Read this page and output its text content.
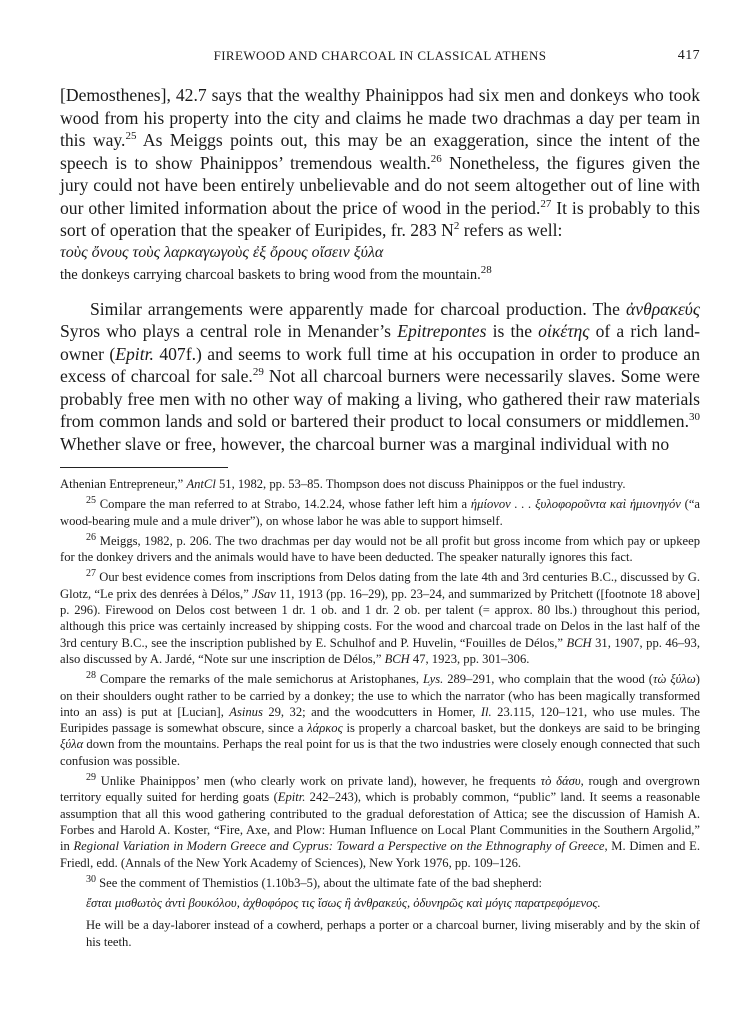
FIREWOOD AND CHARCOAL IN CLASSICAL ATHENS	417

[Demosthenes], 42.7 says that the wealthy Phainippos had six men and donkeys who took wood from his property into the city and claims he made two drachmas a day per team in this way.$^{25}$ As Meiggs points out, this may be an exaggeration, since the intent of the speech is to show Phainippos’ tremendous wealth.$^{26}$ Nonetheless, the figures given the jury could not have been entirely unbelievable and do not seem altogether out of line with our other limited information about the price of wood in the period.$^{27}$ It is probably to this sort of operation that the speaker of Euripides, fr. 283 $N^2$ refers as well:

τοὺς ὄνους τοὺς λαρκαγωγοὺς ἐξ ὄρους οἴσειν ξύλα

the donkeys carrying charcoal baskets to bring wood from the mountain.$^{28}$

Similar arrangements were apparently made for charcoal production. The ἀνθρακεύς Syros who plays a central role in Menander’s Epitrepontes is the οἰκέτης of a rich land-owner (Epitr. 407f.) and seems to work full time at his occupation in order to produce an excess of charcoal for sale.$^{29}$ Not all charcoal burners were necessarily slaves. Some were probably free men with no other way of making a living, who gathered their raw materials from common lands and sold or bartered their product to local consumers or middlemen.$^{30}$ Whether slave or free, however, the charcoal burner was a marginal individual with no

Athenian Entrepreneur,” AntCl 51, 1982, pp. 53–85. Thompson does not discuss Phainippos or the fuel industry.

$^{25}$ Compare the man referred to at Strabo, 14.2.24, whose father left him a ἡμίονον . . . ξυλοφοροῦντα καὶ ἡμιονηγόν (“a wood-bearing mule and a mule driver”), on whose labor he was able to support himself.

$^{26}$ Meiggs, 1982, p. 206. The two drachmas per day would not be all profit but gross income from which pay or upkeep for the donkey drivers and the animals would have to have been deducted. The speaker naturally ignores this fact.

$^{27}$ Our best evidence comes from inscriptions from Delos dating from the late 4th and 3rd centuries B.C., discussed by G. Glotz, “Le prix des denrées à Délos,” JSav 11, 1913 (pp. 16–29), pp. 23–24, and summarized by Pritchett ([footnote 18 above] p. 296). Firewood on Delos cost between 1 dr. 1 ob. and 1 dr. 2 ob. per talent (= approx. 80 lbs.) throughout this period, although this price was certainly increased by shipping costs. For the wood and charcoal trade on Delos in the last half of the 3rd century B.C., see the inscription published by E. Schulhof and P. Huvelin, “Fouilles de Délos,” BCH 31, 1907, pp. 46–93, also discussed by A. Jardé, “Note sur une inscription de Délos,” BCH 47, 1923, pp. 301–306.

$^{28}$ Compare the remarks of the male semichorus at Aristophanes, Lys. 289–291, who complain that the wood (τὼ ξύλω) on their shoulders ought rather to be carried by a donkey; the use to which the narrator (who has been magically transformed into an ass) is put at [Lucian], Asinus 29, 32; and the woodcutters in Homer, Il. 23.115, 120–121, who use mules. The Euripides passage is somewhat obscure, since a λάρκος is properly a charcoal basket, but the donkeys are said to be bringing ξύλα down from the mountains. Perhaps the real point for us is that the two industries were closely enough connected that such confusion was possible.

$^{29}$ Unlike Phainippos’ men (who clearly work on private land), however, he frequents τὸ δάσυ, rough and overgrown territory equally suited for herding goats (Epitr. 242–243), which is probably common, “public” land. It seems a reasonable assumption that all this wood gathering contributed to the gradual deforestation of Attica; see the discussion of Hamish A. Forbes and Harold A. Koster, “Fire, Axe, and Plow: Human Influence on Local Plant Communities in the Southern Argolid,” in Regional Variation in Modern Greece and Cyprus: Toward a Perspective on the Ethnography of Greece, M. Dimen and E. Friedl, edd. (Annals of the New York Academy of Sciences), New York 1976, pp. 109–126.

$^{30}$ See the comment of Themistios (1.10b3–5), about the ultimate fate of the bad shepherd:

ἔσται μισθωτὸς ἀντὶ βουκόλου, ἀχθοφόρος τις ἴσως ἢ ἀνθρακεύς, ὀδυνηρῶς καὶ μόγις παρατρεφόμενος.

He will be a day-laborer instead of a cowherd, perhaps a porter or a charcoal burner, living miserably and by the skin of his teeth.
